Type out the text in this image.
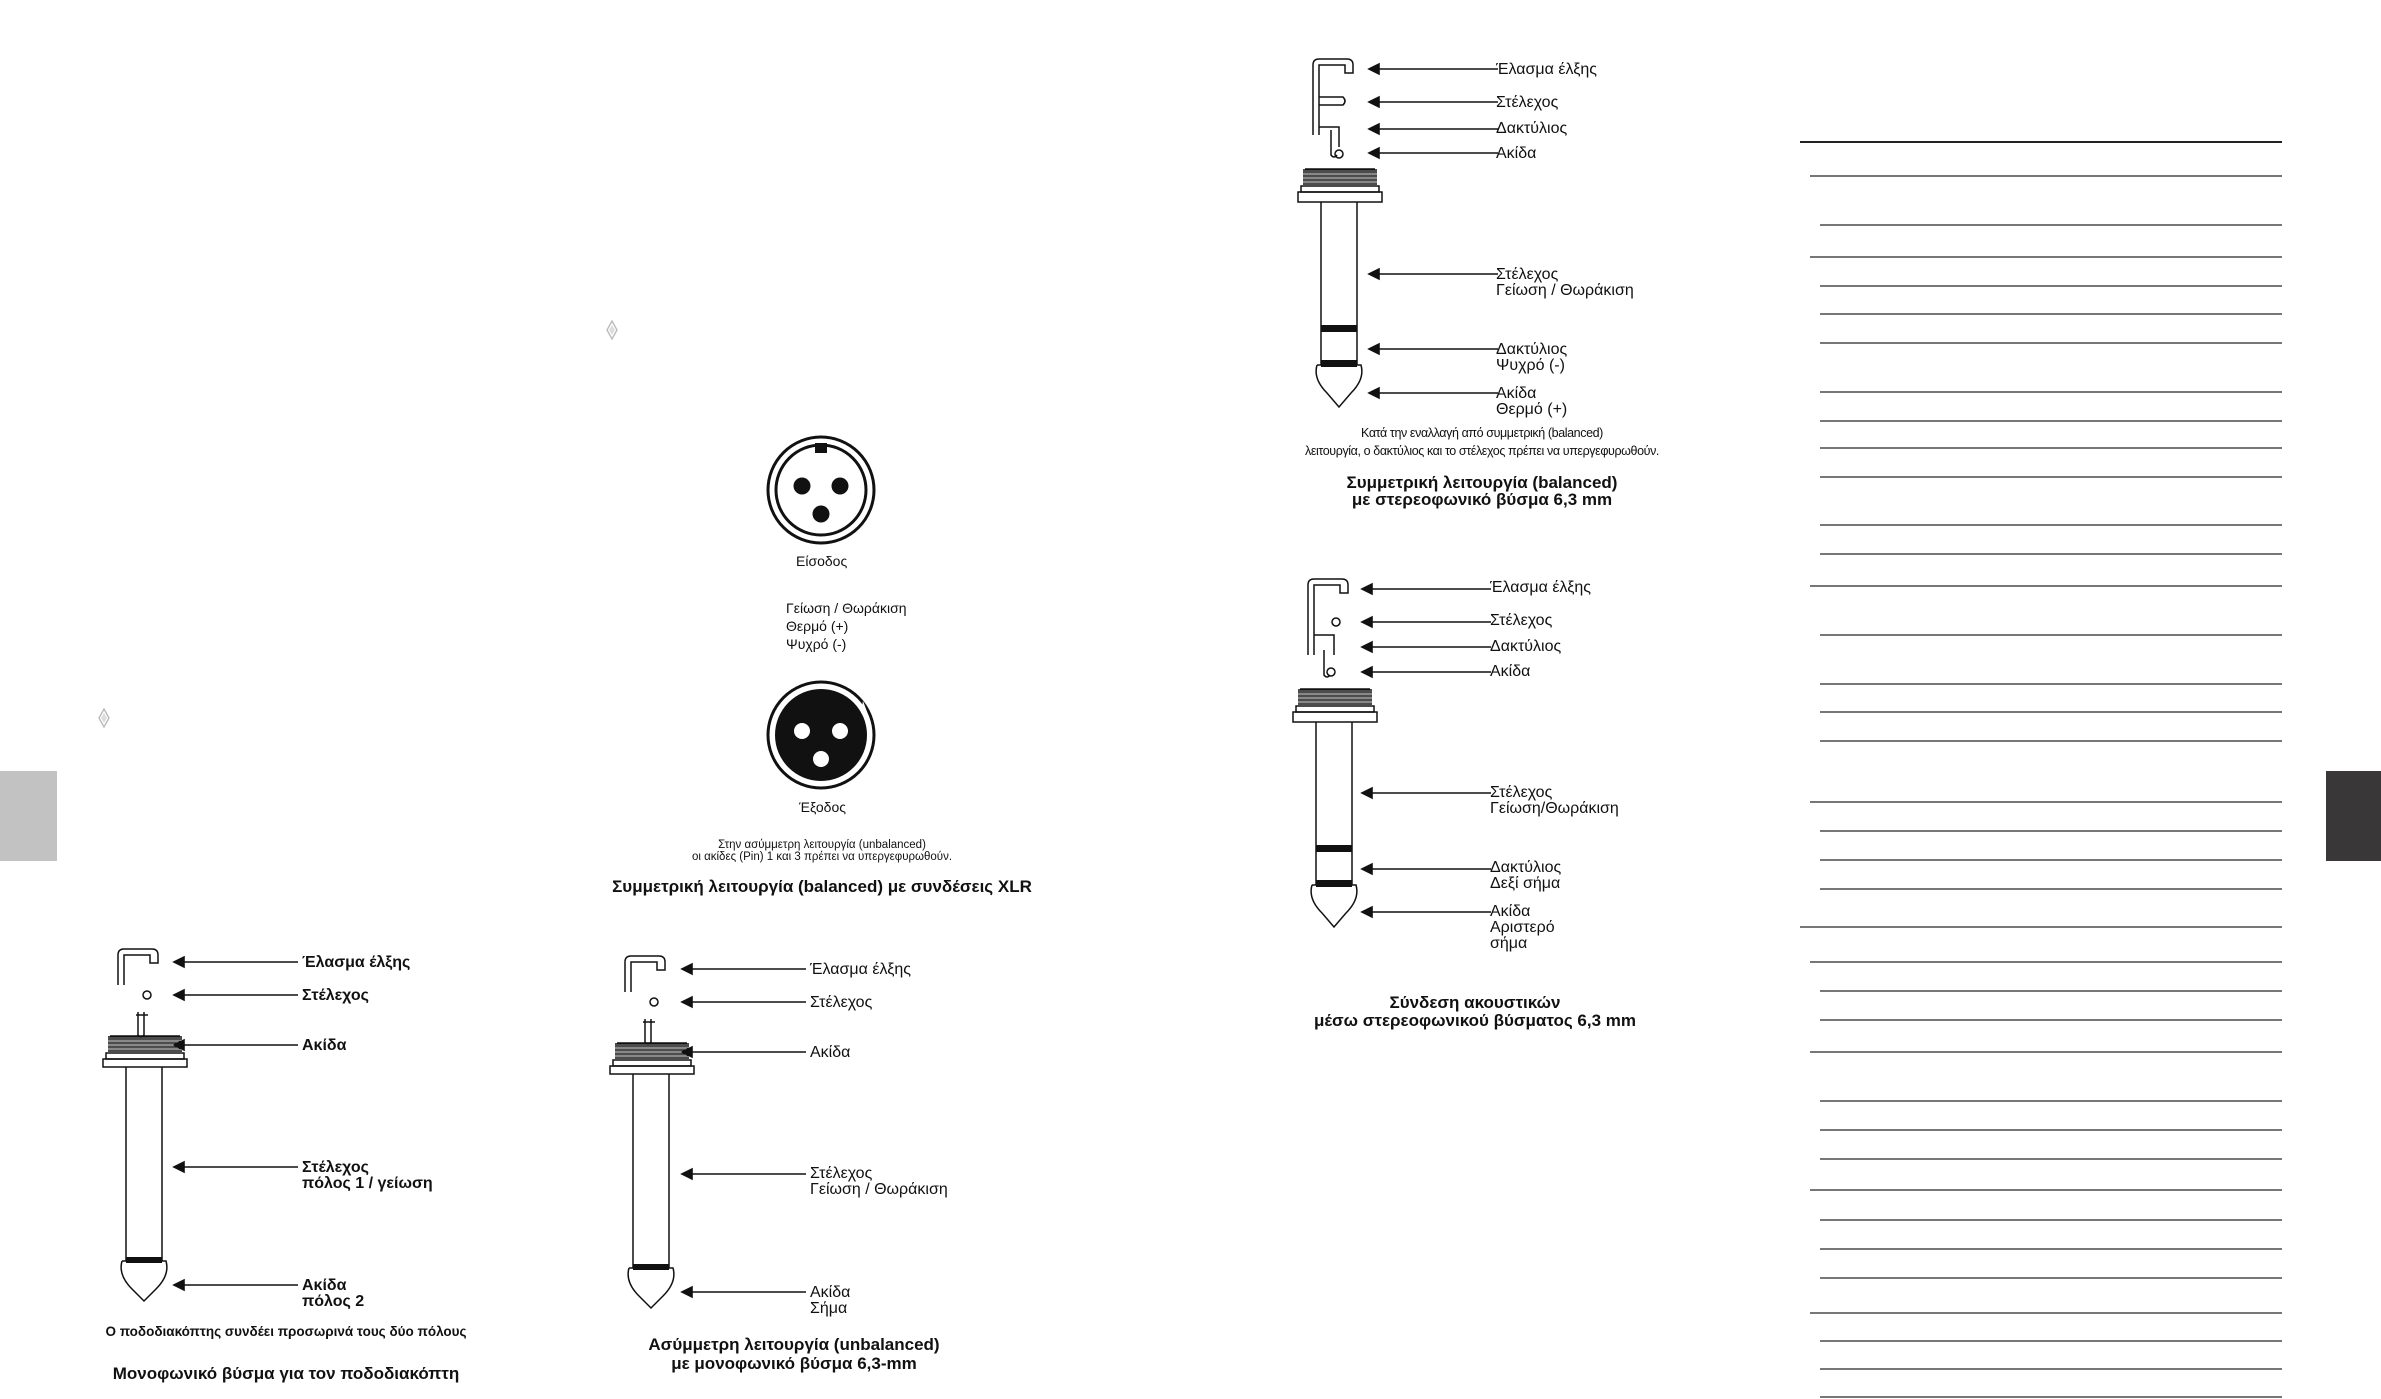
Είσοδος
Γείωση / Θωράκιση
Θερμό (+)
Ψυχρό (-)
Έξοδος
Στην ασύμμετρη λειτουργία (unbalanced)
οι ακίδες (Pin) 1 και 3 πρέπει να υπεργεφυρωθούν.
Συμμετρική λειτουργία (balanced) με συνδέσεις XLR
Έλασμα έλξης
Στέλεχος
Ακίδα
Στέλεχος
πόλος 1 / γείωση
Ακίδα
πόλος 2
Ο ποδοδιακόπτης συνδέει προσωρινά τους δύο πόλους
Μονοφωνικό βύσμα για τον ποδοδιακόπτη
Έλασμα έλξης
Στέλεχος
Ακίδα
Στέλεχος
Γείωση / Θωράκιση
Ακίδα
Σήμα
Ασύμμετρη λειτουργία (unbalanced)
με μονοφωνικό βύσμα 6,3-mm
Έλασμα έλξης
Στέλεχος
Δακτύλιος
Ακίδα
Στέλεχος
Γείωση / Θωράκιση
Δακτύλιος
Ψυχρό (-)
Ακίδα
Θερμό (+)
Κατά την εναλλαγή από συμμετρική (balanced)
λειτουργία, ο δακτύλιος και το στέλεχος πρέπει να υπεργεφυρωθούν.
Συμμετρική λειτουργία (balanced)
με στερεοφωνικό βύσμα 6,3 mm
Έλασμα έλξης
Στέλεχος
Δακτύλιος
Ακίδα
Στέλεχος
Γείωση/Θωράκιση
Δακτύλιος
Δεξί σήμα
Ακίδα
Αριστερό
σήμα
Σύνδεση ακουστικών
μέσω στερεοφωνικού βύσματος 6,3 mm
